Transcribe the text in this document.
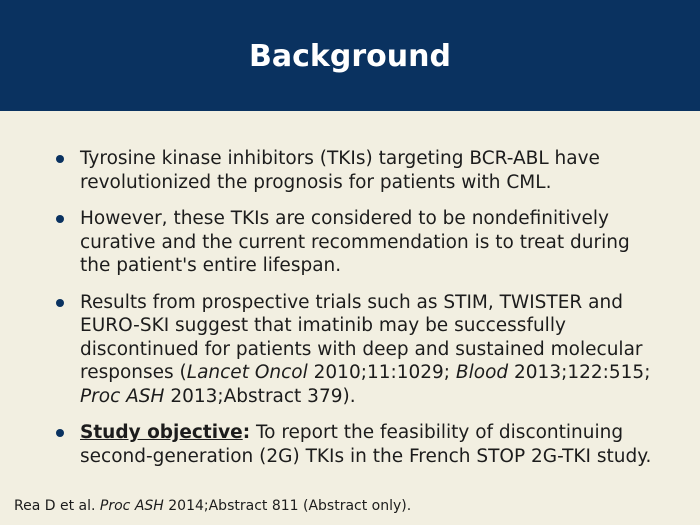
Background
Tyrosine kinase inhibitors (TKIs) targeting BCR-ABL have revolutionized the prognosis for patients with CML.
However, these TKIs are considered to be nondefinitively curative and the current recommendation is to treat during the patient's entire lifespan.
Results from prospective trials such as STIM, TWISTER and EURO-SKI suggest that imatinib may be successfully discontinued for patients with deep and sustained molecular responses (Lancet Oncol 2010;11:1029; Blood 2013;122:515; Proc ASH 2013;Abstract 379).
Study objective: To report the feasibility of discontinuing second-generation (2G) TKIs in the French STOP 2G-TKI study.
Rea D et al. Proc ASH 2014;Abstract 811 (Abstract only).
